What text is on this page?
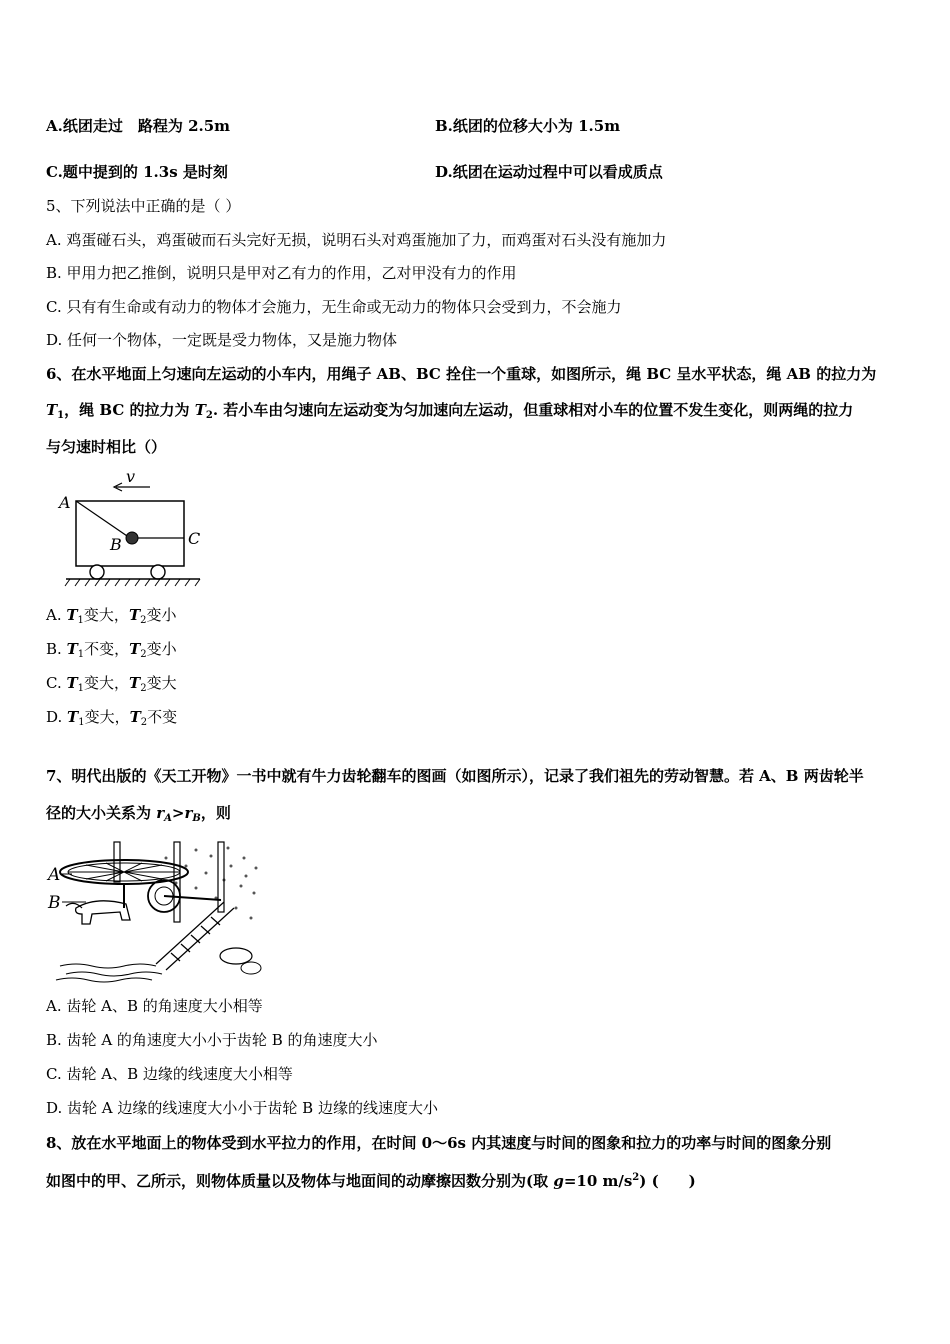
A.纸团走过　路程为 2.5m	B.纸团的位移大小为 1.5m
C.题中提到的 1.3s 是时刻	D.纸团在运动过程中可以看成质点
5、下列说法中正确的是（ ）
A. 鸡蛋碰石头，鸡蛋破而石头完好无损，说明石头对鸡蛋施加了力，而鸡蛋对石头没有施加力
B. 甲用力把乙推倒，说明只是甲对乙有力的作用，乙对甲没有力的作用
C. 只有有生命或有动力的物体才会施力，无生命或无动力的物体只会受到力，不会施力
D. 任何一个物体，一定既是受力物体，又是施力物体
6、在水平地面上匀速向左运动的小车内，用绳子 AB、BC 拴住一个重球，如图所示，绳 BC 呈水平状态，绳 AB 的拉力为
$T_1$，绳 BC 的拉力为 $T_2$. 若小车由匀速向左运动变为匀加速向左运动，但重球相对小车的位置不发生变化，则两绳的拉力
与匀速时相比（）
v
A
B	C
A. $T_1$变大，$T_2$变小
B. $T_1$不变，$T_2$变小
C. $T_1$变大，$T_2$变大
D. $T_1$变大，$T_2$不变
7、明代出版的《天工开物》一书中就有牛力齿轮翻车的图画（如图所示），记录了我们祖先的劳动智慧。若 A、B 两齿轮半
径的大小关系为 $r_A>r_B$，则
A
B
A. 齿轮 A、B 的角速度大小相等
B. 齿轮 A 的角速度大小小于齿轮 B 的角速度大小
C. 齿轮 A、B 边缘的线速度大小相等
D. 齿轮 A 边缘的线速度大小小于齿轮 B 边缘的线速度大小
8、放在水平地面上的物体受到水平拉力的作用，在时间 0～6s 内其速度与时间的图象和拉力的功率与时间的图象分别
如图中的甲、乙所示，则物体质量以及物体与地面间的动摩擦因数分别为(取 g=10 $m/s^2$) (　　)
